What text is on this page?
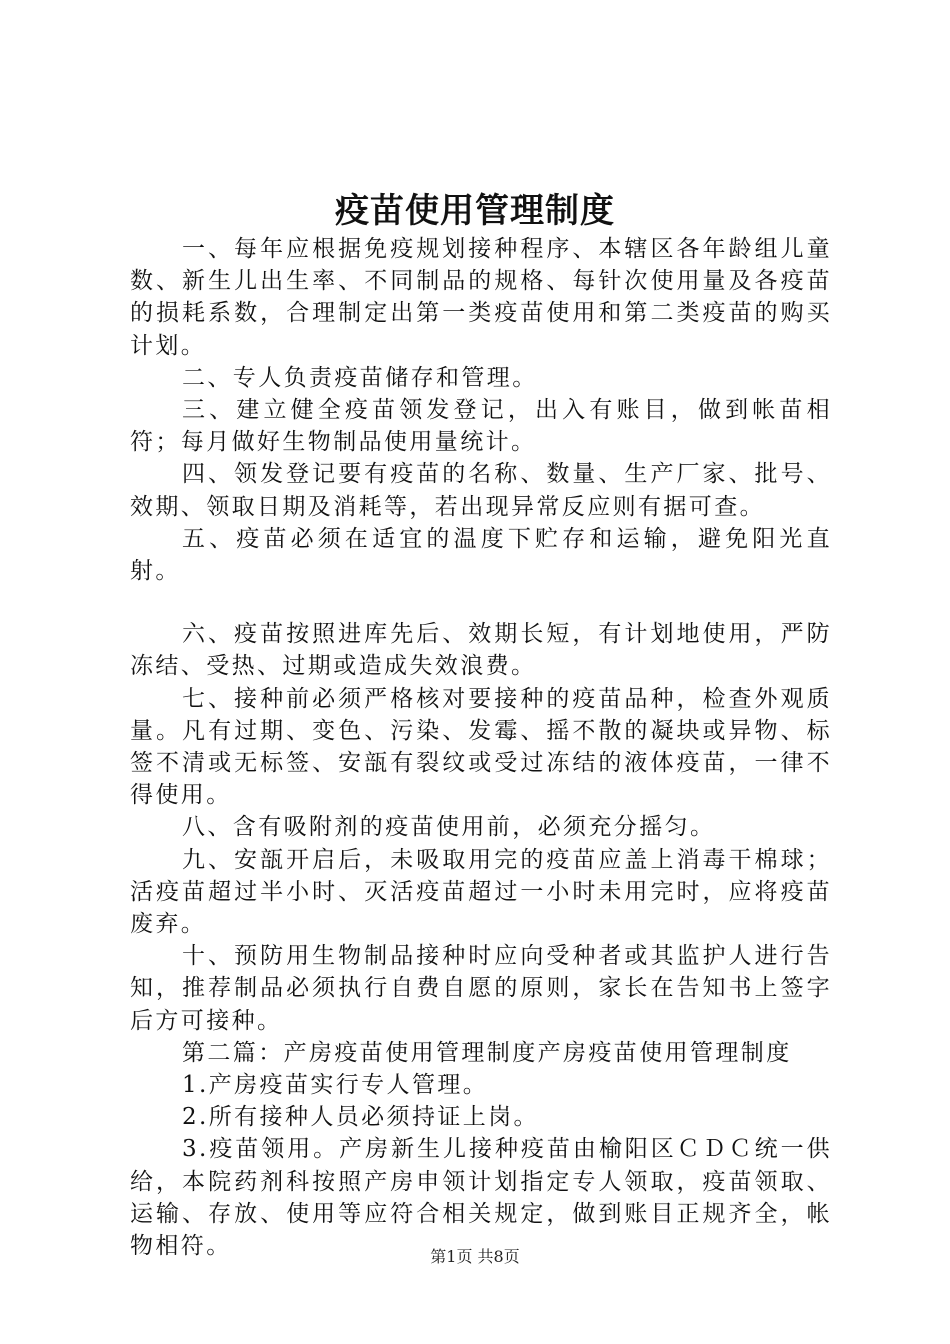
疫苗使用管理制度

一、每年应根据免疫规划接种程序、本辖区各年龄组儿童数、新生儿出生率、不同制品的规格、每针次使用量及各疫苗的损耗系数，合理制定出第一类疫苗使用和第二类疫苗的购买计划。

二、专人负责疫苗储存和管理。

三、建立健全疫苗领发登记，出入有账目，做到帐苗相符；每月做好生物制品使用量统计。

四、领发登记要有疫苗的名称、数量、生产厂家、批号、效期、领取日期及消耗等，若出现异常反应则有据可查。

五、疫苗必须在适宜的温度下贮存和运输，避免阳光直射。

六、疫苗按照进库先后、效期长短，有计划地使用，严防冻结、受热、过期或造成失效浪费。

七、接种前必须严格核对要接种的疫苗品种，检查外观质量。凡有过期、变色、污染、发霉、摇不散的凝块或异物、标签不清或无标签、安瓿有裂纹或受过冻结的液体疫苗，一律不得使用。

八、含有吸附剂的疫苗使用前，必须充分摇匀。

九、安瓿开启后，未吸取用完的疫苗应盖上消毒干棉球；活疫苗超过半小时、灭活疫苗超过一小时未用完时，应将疫苗废弃。

十、预防用生物制品接种时应向受种者或其监护人进行告知，推荐制品必须执行自费自愿的原则，家长在告知书上签字后方可接种。

第二篇：产房疫苗使用管理制度产房疫苗使用管理制度

1.产房疫苗实行专人管理。

2.所有接种人员必须持证上岗。

3.疫苗领用。产房新生儿接种疫苗由榆阳区ＣＤＣ统一供给，本院药剂科按照产房申领计划指定专人领取，疫苗领取、运输、存放、使用等应符合相关规定，做到账目正规齐全，帐物相符。	第1页 共8页
